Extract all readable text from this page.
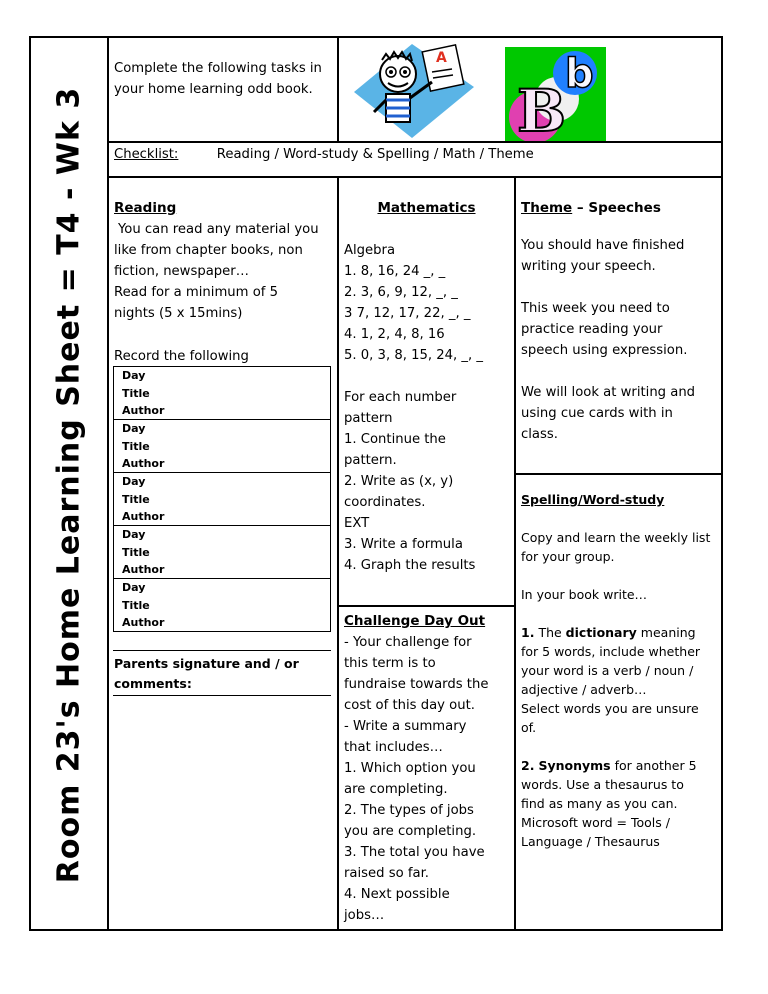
Room 23's Home Learning Sheet = T4 - Wk 3
Complete the following tasks in your home learning odd book.
A
B
b
Checklist:	Reading / Word-study & Spelling / Math / Theme
Reading
You can read any material you
like from chapter books, non
fiction, newspaper…
Read for a minimum of 5
nights (5 x 15mins)
Record the following
Day
Title
Author
Day
Title
Author
Day
Title
Author
Day
Title
Author
Day
Title
Author
Parents signature and / or comments:
Mathematics
Algebra
1. 8, 16, 24 _, _
2. 3, 6, 9, 12, _, _
3 7, 12, 17, 22, _, _
4. 1, 2, 4, 8, 16
5. 0, 3, 8, 15, 24, _, _
For each number
pattern
1. Continue the
pattern.
2. Write as (x, y)
coordinates.
EXT
3. Write a formula
4. Graph the results
Challenge Day Out
- Your challenge for
this term is to
fundraise towards the
cost of this day out.
- Write a summary
that includes…
1. Which option you
are completing.
2. The types of jobs
you are completing.
3. The total you have
raised so far.
4. Next possible
jobs…
Theme – Speeches
You should have finished
writing your speech.
This week you need to
practice reading your
speech using expression.
We will look at writing and
using cue cards with in
class.
Spelling/Word-study
Copy and learn the weekly list
for your group.
In your book write…
1. The dictionary meaning
for 5 words, include whether
your word is a verb / noun /
adjective / adverb…
Select words you are unsure
of.
2. Synonyms for another 5
words. Use a thesaurus to
find as many as you can.
Microsoft word = Tools /
Language / Thesaurus
